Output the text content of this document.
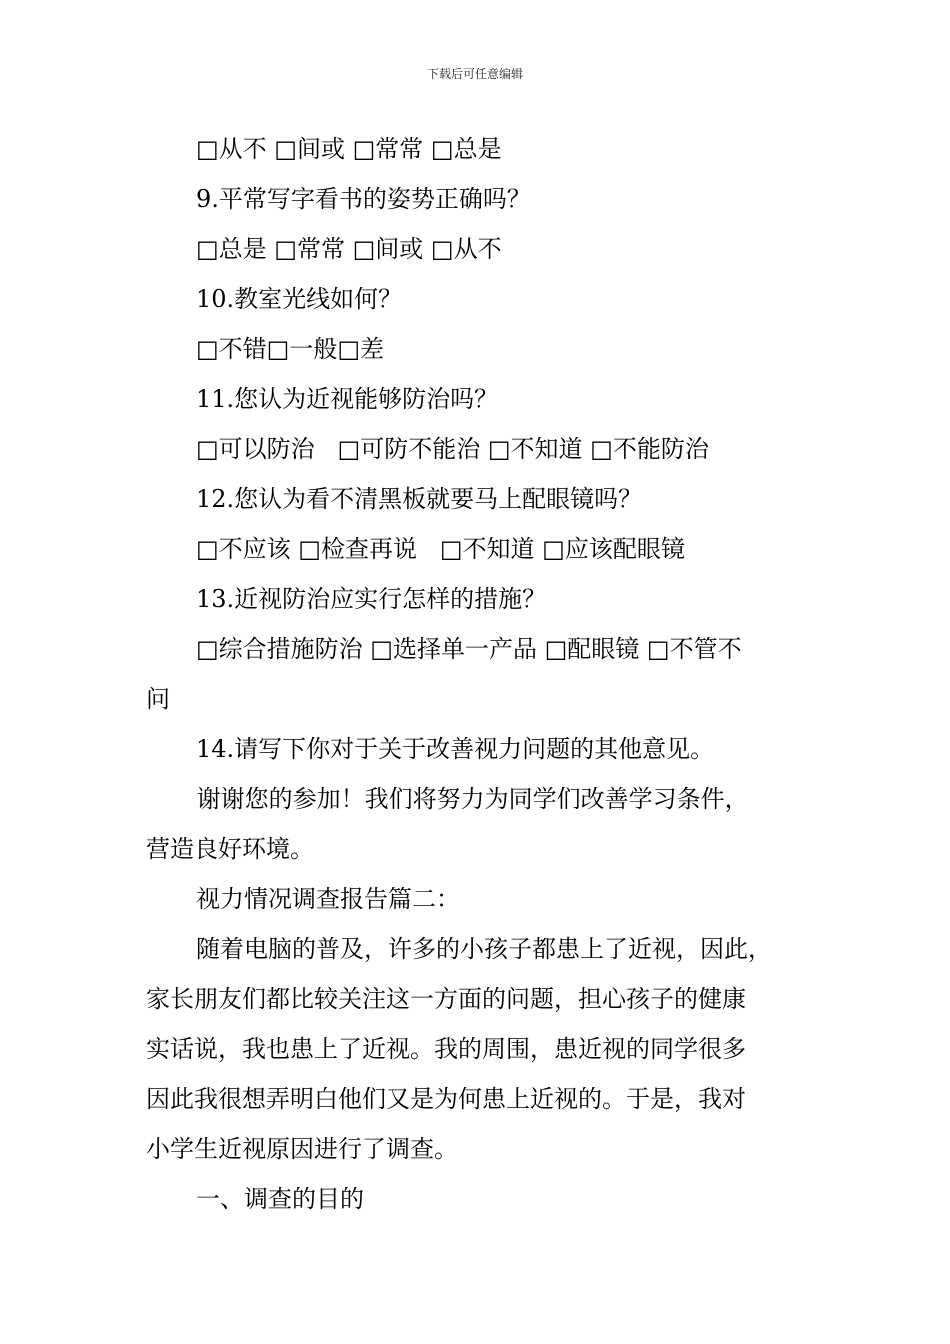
下载后可任意编辑
□从不 □间或 □常常 □总是
9.平常写字看书的姿势正确吗？
□总是 □常常 □间或 □从不
10.教室光线如何？
□不错□一般□差
11.您认为近视能够防治吗？
□可以防治   □可防不能治 □不知道 □不能防治
12.您认为看不清黑板就要马上配眼镜吗？
□不应该 □检查再说   □不知道 □应该配眼镜
13.近视防治应实行怎样的措施？
□综合措施防治 □选择单一产品 □配眼镜 □不管不
问
14.请写下你对于关于改善视力问题的其他意见。
谢谢您的参加！我们将努力为同学们改善学习条件，
营造良好环境。
视力情况调查报告篇二：
随着电脑的普及，许多的小孩子都患上了近视，因此，
家长朋友们都比较关注这一方面的问题，担心孩子的健康
实话说，我也患上了近视。我的周围，患近视的同学很多
因此我很想弄明白他们又是为何患上近视的。于是，我对
小学生近视原因进行了调查。
一、调查的目的
